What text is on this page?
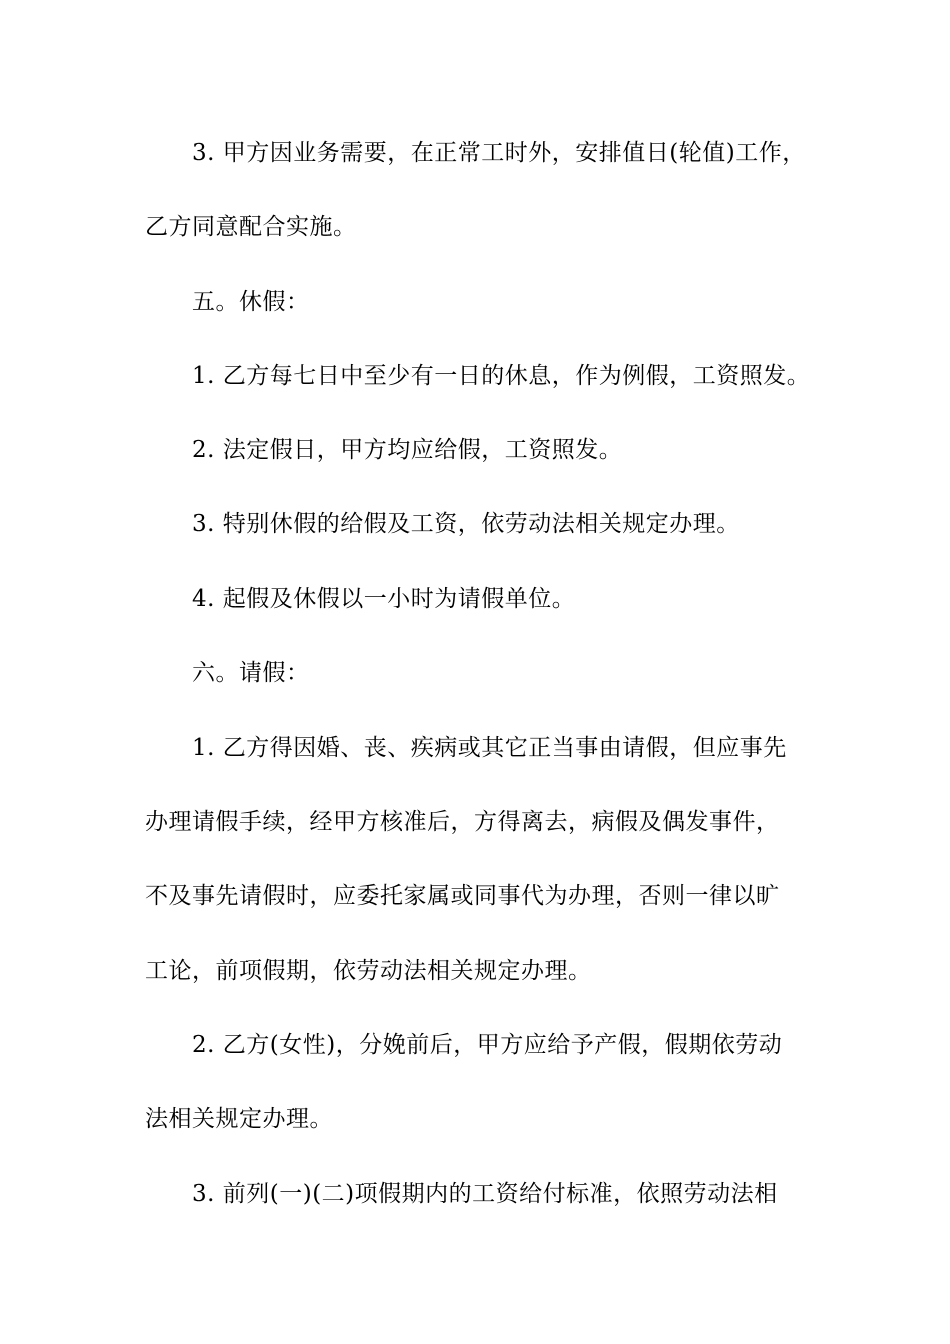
3. 甲方因业务需要，在正常工时外，安排值日(轮值)工作，
乙方同意配合实施。
五。休假：
1. 乙方每七日中至少有一日的休息，作为例假，工资照发。
2. 法定假日，甲方均应给假，工资照发。
3. 特别休假的给假及工资，依劳动法相关规定办理。
4. 起假及休假以一小时为请假单位。
六。请假：
1. 乙方得因婚、丧、疾病或其它正当事由请假，但应事先
办理请假手续，经甲方核准后，方得离去，病假及偶发事件，
不及事先请假时，应委托家属或同事代为办理，否则一律以旷
工论，前项假期，依劳动法相关规定办理。
2. 乙方(女性)，分娩前后，甲方应给予产假，假期依劳动
法相关规定办理。
3. 前列(一)(二)项假期内的工资给付标准，依照劳动法相
